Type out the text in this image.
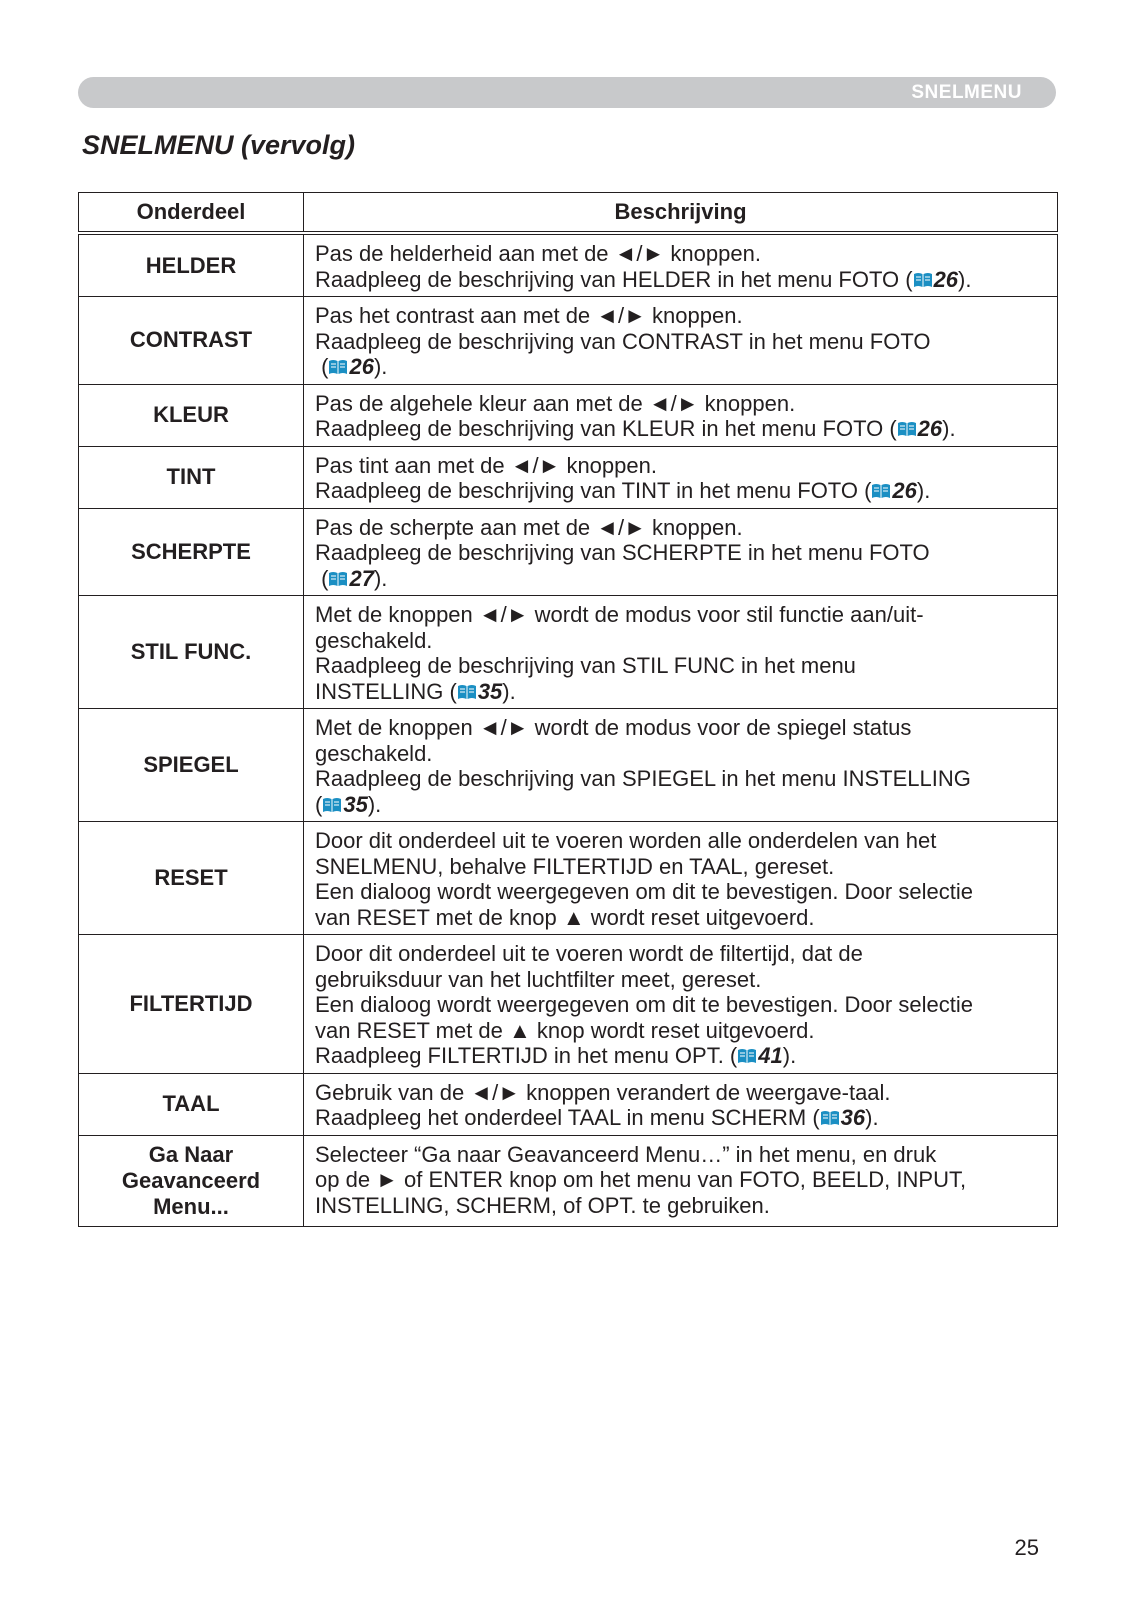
SNELMENU
SNELMENU (vervolg)
Onderdeel	Beschrijving
HELDER	Pas de helderheid aan met de ◄/► knoppen.
Raadpleeg de beschrijving van HELDER in het menu FOTO ( 26).

CONTRAST	Pas het contrast aan met de ◄/► knoppen.
Raadpleeg de beschrijving van CONTRAST in het menu FOTO
( 26).

KLEUR	Pas de algehele kleur aan met de ◄/► knoppen.
Raadpleeg de beschrijving van KLEUR in het menu FOTO ( 26).

TINT	Pas tint aan met de ◄/► knoppen.
Raadpleeg de beschrijving van TINT in het menu FOTO ( 26).

SCHERPTE	Pas de scherpte aan met de ◄/► knoppen.
Raadpleeg de beschrijving van SCHERPTE in het menu FOTO
( 27).

STIL FUNC.	Met de knoppen ◄/► wordt de modus voor stil functie aan/uit-
geschakeld.
Raadpleeg de beschrijving van STIL FUNC in het menu
INSTELLING ( 35).

SPIEGEL	Met de knoppen ◄/► wordt de modus voor de spiegel status
geschakeld.
Raadpleeg de beschrijving van SPIEGEL in het menu INSTELLING
( 35).

RESET	Door dit onderdeel uit te voeren worden alle onderdelen van het
SNELMENU, behalve FILTERTIJD en TAAL, gereset.
Een dialoog wordt weergegeven om dit te bevestigen. Door selectie
van RESET met de knop ▲ wordt reset uitgevoerd.

FILTERTIJD	Door dit onderdeel uit te voeren wordt de filtertijd, dat de
gebruiksduur van het luchtfilter meet, gereset.
Een dialoog wordt weergegeven om dit te bevestigen. Door selectie
van RESET met de ▲ knop wordt reset uitgevoerd.
Raadpleeg FILTERTIJD in het menu OPT. ( 41).

TAAL	Gebruik van de ◄/► knoppen verandert de weergave-taal.
Raadpleeg het onderdeel TAAL in menu SCHERM ( 36).

Ga Naar
Geavanceerd
Menu...	Selecteer “Ga naar Geavanceerd Menu…” in het menu, en druk
op de ► of ENTER knop om het menu van FOTO, BEELD, INPUT,
INSTELLING, SCHERM, of OPT. te gebruiken.
25
